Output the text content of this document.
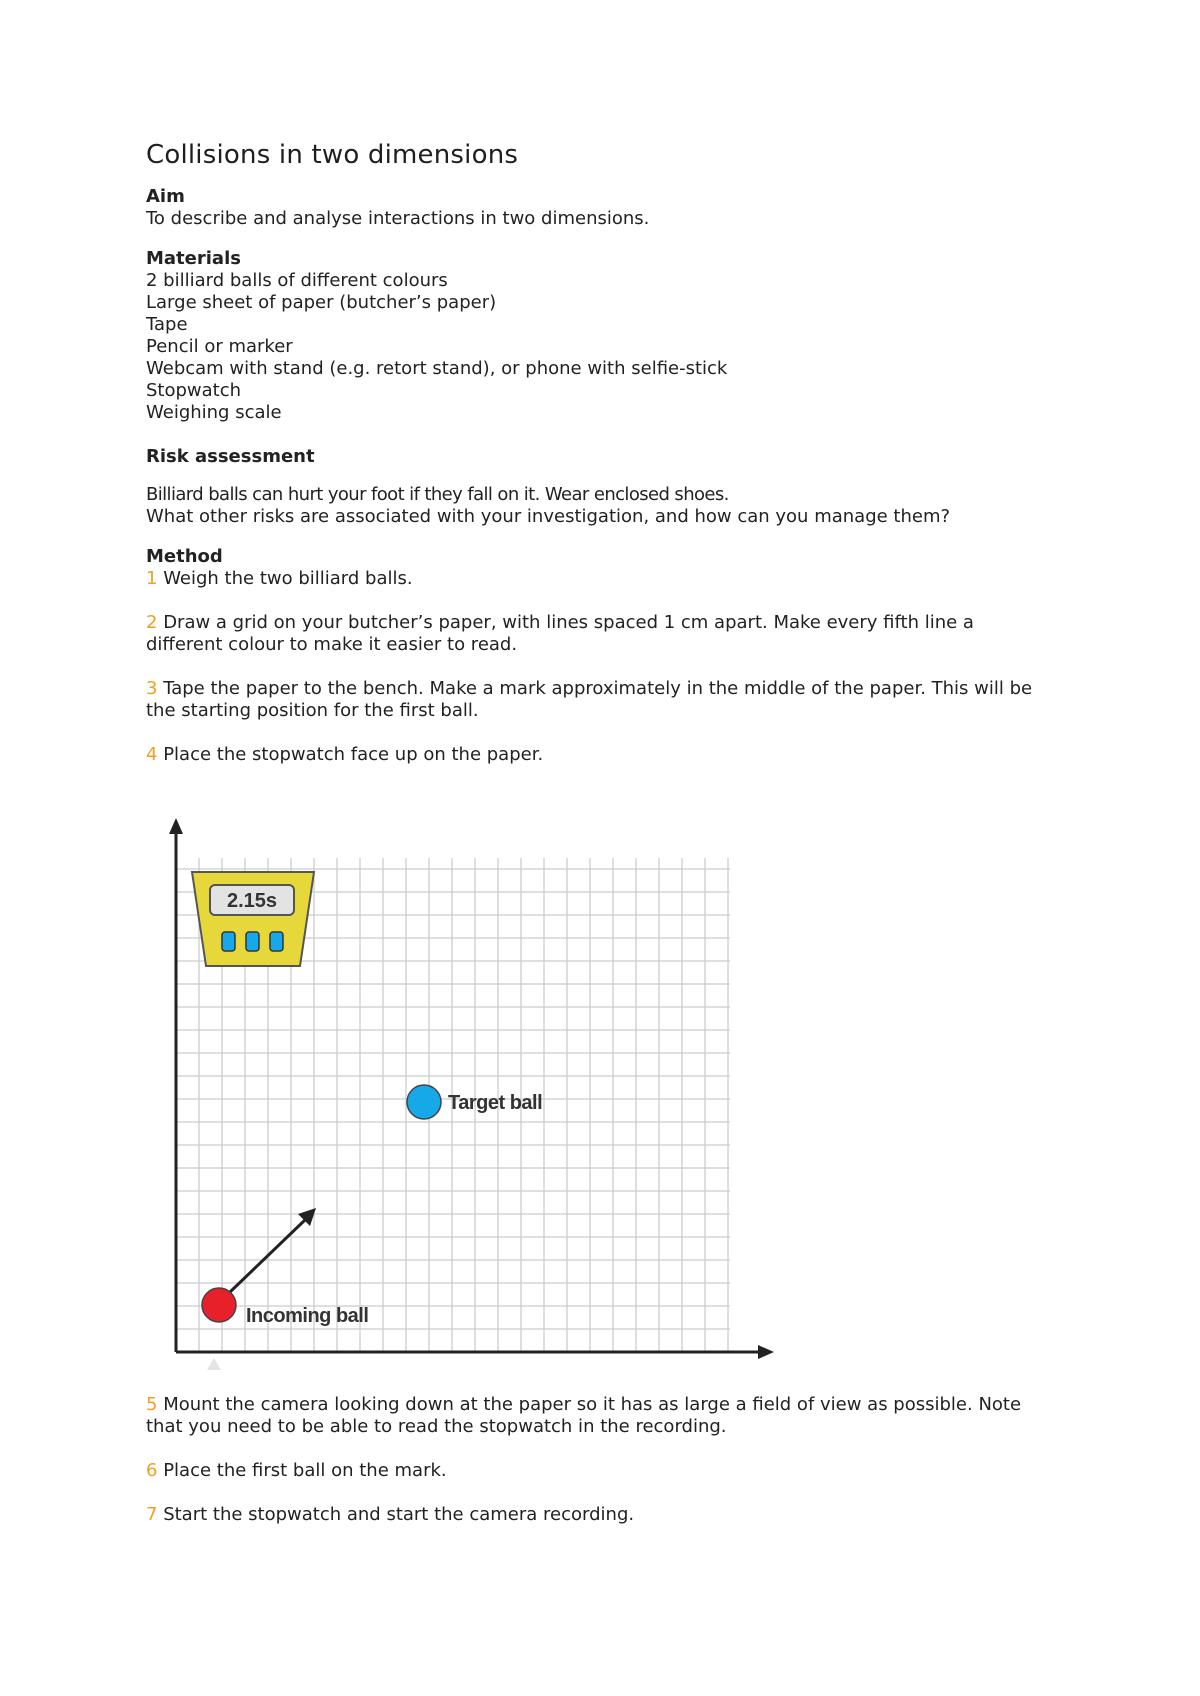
Collisions in two dimensions
Aim
To describe and analyse interactions in two dimensions.
Materials
2 billiard balls of different colours
Large sheet of paper (butcher’s paper)
Tape
Pencil or marker
Webcam with stand (e.g. retort stand), or phone with selfie-stick
Stopwatch
Weighing scale
Risk assessment
Billiard balls can hurt your foot if they fall on it. Wear enclosed shoes.
What other risks are associated with your investigation, and how can you manage them?
Method
1 Weigh the two billiard balls.
2 Draw a grid on your butcher’s paper, with lines spaced 1 cm apart. Make every fifth line a different colour to make it easier to read.
3 Tape the paper to the bench. Make a mark approximately in the middle of the paper. This will be the starting position for the first ball.
4 Place the stopwatch face up on the paper.
2.15s
Target ball
Incoming ball
5 Mount the camera looking down at the paper so it has as large a field of view as possible. Note that you need to be able to read the stopwatch in the recording.
6 Place the first ball on the mark.
7 Start the stopwatch and start the camera recording.
